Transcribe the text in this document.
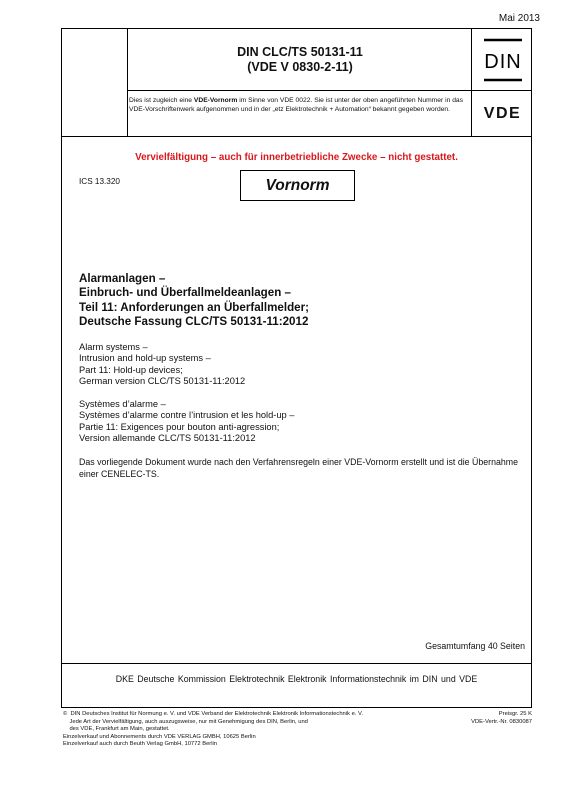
Mai 2013
DIN CLC/TS 50131-11
(VDE V 0830-2-11)	DIN
Dies ist zugleich eine VDE-Vornorm im Sinne von VDE 0022. Sie ist unter der oben angeführten Nummer in das VDE-Vorschriftenwerk aufgenommen und in der „etz Elektrotechnik + Automation“ bekannt gegeben worden.	VDE
Vervielfältigung – auch für innerbetriebliche Zwecke – nicht gestattet.
ICS 13.320	Vornorm
Alarmanlagen –
Einbruch- und Überfallmeldeanlagen –
Teil 11: Anforderungen an Überfallmelder;
Deutsche Fassung CLC/TS 50131-11:2012
Alarm systems –
Intrusion and hold-up systems –
Part 11: Hold-up devices;
German version CLC/TS 50131-11:2012
Systèmes d’alarme –
Systèmes d’alarme contre l’intrusion et les hold-up –
Partie 11: Exigences pour bouton anti-agression;
Version allemande CLC/TS 50131-11:2012
Das vorliegende Dokument wurde nach den Verfahrensregeln einer VDE-Vornorm erstellt und ist die Übernahme einer CENELEC-TS.
Gesamtumfang 40 Seiten
DKE Deutsche Kommission Elektrotechnik Elektronik Informationstechnik im DIN und VDE
©  DIN Deutsches Institut für Normung e. V. und VDE Verband der Elektrotechnik Elektronik Informationstechnik e. V.
Jede Art der Vervielfältigung, auch auszugsweise, nur mit Genehmigung des DIN, Berlin, und
des VDE, Frankfurt am Main, gestattet.
Einzelverkauf und Abonnements durch VDE VERLAG GMBH, 10625 Berlin
Einzelverkauf auch durch Beuth Verlag GmbH, 10772 Berlin
Preisgr. 25 K
VDE-Vertr.-Nr. 0830087
